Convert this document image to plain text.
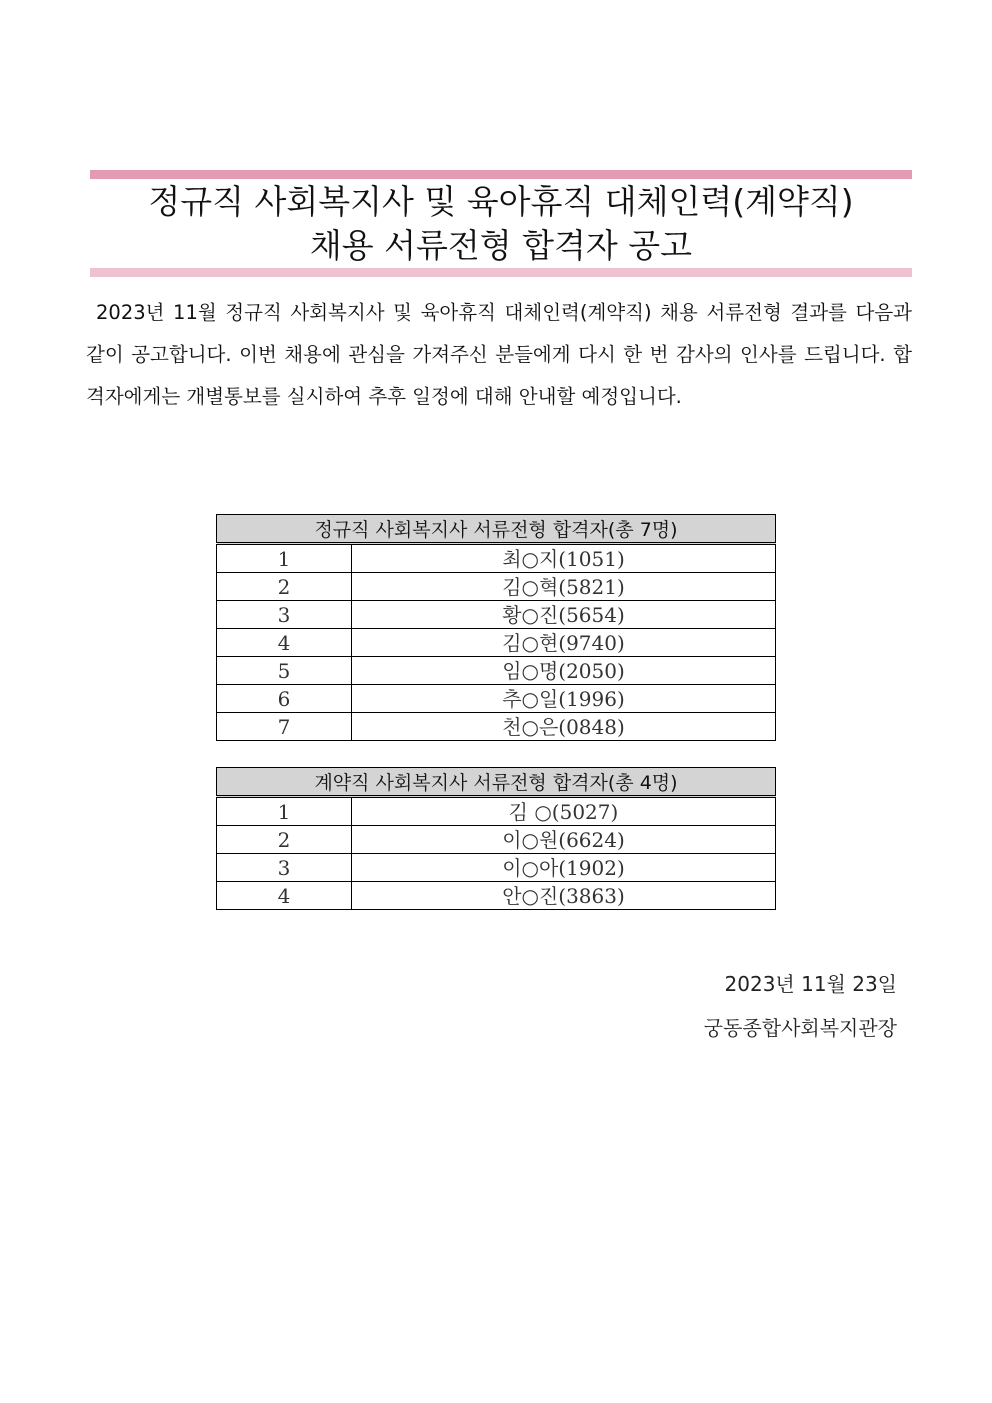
정규직 사회복지사 및 육아휴직 대체인력(계약직)
채용 서류전형 합격자 공고

2023년 11월 정규직 사회복지사 및 육아휴직 대체인력(계약직) 채용 서류전형 결과를 다음과 같이 공고합니다. 이번 채용에 관심을 가져주신 분들에게 다시 한 번 감사의 인사를 드립니다. 합격자에게는 개별통보를 실시하여 추후 일정에 대해 안내할 예정입니다.

정규직 사회복지사 서류전형 합격자(총 7명)	
1	최○지(1051)
2	김○혁(5821)
3	황○진(5654)
4	김○현(9740)
5	임○명(2050)
6	추○일(1996)
7	천○은(0848)
계약직 사회복지사 서류전형 합격자(총 4명)	
1	김 ○(5027)
2	이○원(6624)
3	이○아(1902)
4	안○진(3863)
2023년 11월 23일
궁동종합사회복지관장
